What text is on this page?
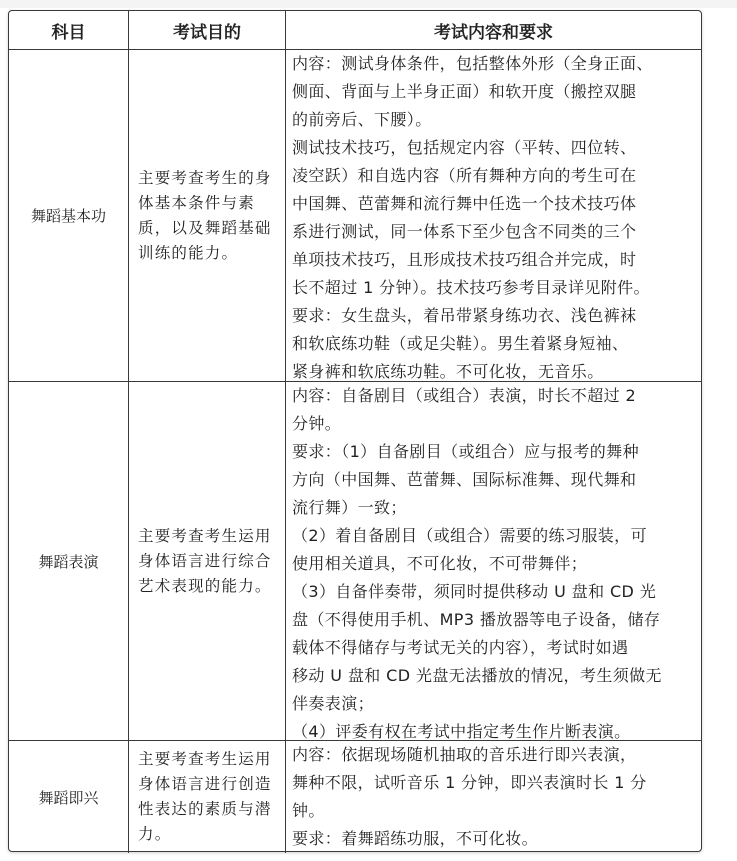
科目	考试目的	考试内容和要求
舞蹈基本功
主要考查考生的身体基本条件与素质，以及舞蹈基础训练的能力。
内容：测试身体条件，包括整体外形（全身正面、
侧面、背面与上半身正面）和软开度（搬控双腿
的前旁后、下腰）。
测试技术技巧，包括规定内容（平转、四位转、
凌空跃）和自选内容（所有舞种方向的考生可在
中国舞、芭蕾舞和流行舞中任选一个技术技巧体
系进行测试，同一体系下至少包含不同类的三个
单项技术技巧，且形成技术技巧组合并完成，时
长不超过 1 分钟）。技术技巧参考目录详见附件。
要求：女生盘头，着吊带紧身练功衣、浅色裤袜
和软底练功鞋（或足尖鞋）。男生着紧身短袖、
紧身裤和软底练功鞋。不可化妆，无音乐。
舞蹈表演
主要考查考生运用身体语言进行综合艺术表现的能力。
内容：自备剧目（或组合）表演，时长不超过 2
分钟。
要求：（1）自备剧目（或组合）应与报考的舞种
方向（中国舞、芭蕾舞、国际标准舞、现代舞和
流行舞）一致；
（2）着自备剧目（或组合）需要的练习服装，可
使用相关道具，不可化妆，不可带舞伴；
（3）自备伴奏带，须同时提供移动 U 盘和 CD 光
盘（不得使用手机、MP3 播放器等电子设备，储存
载体不得储存与考试无关的内容），考试时如遇
移动 U 盘和 CD 光盘无法播放的情况，考生须做无
伴奏表演；
（4）评委有权在考试中指定考生作片断表演。
舞蹈即兴
主要考查考生运用身体语言进行创造性表达的素质与潜力。
内容：依据现场随机抽取的音乐进行即兴表演，
舞种不限，试听音乐 1 分钟，即兴表演时长 1 分
钟。
要求：着舞蹈练功服，不可化妆。
